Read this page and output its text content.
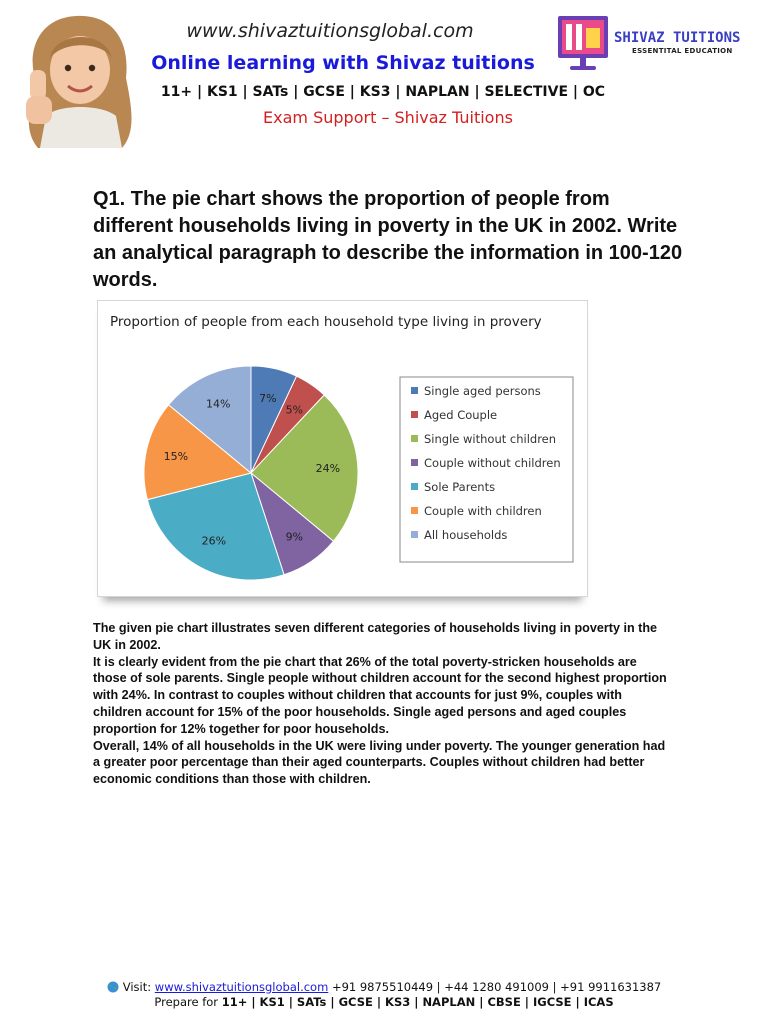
www.shivaztuitionsglobal.com
Online learning with Shivaz tuitions
11+ | KS1 | SATs | GCSE | KS3 | NAPLAN | SELECTIVE | OC
Exam Support – Shivaz Tuitions
SHIVAZ TUITIONS
ESSENTITAL EDUCATION
Q1. The pie chart shows the proportion of people from different households living in poverty in the UK in 2002. Write an analytical paragraph to describe the information in 100-120 words.
Proportion of people from each household type living in provery
7%
5%
24%
9%
26%
15%
14%
Single aged persons
Aged Couple
Single without children
Couple without children
Sole Parents
Couple with children
All households

The given pie chart illustrates seven different categories of households living in poverty in the UK in 2002.

It is clearly evident from the pie chart that 26% of the total poverty-stricken households are those of sole parents. Single people without children account for the second highest proportion with 24%. In contrast to couples without children that accounts for just 9%, couples with children account for 15% of the poor households. Single aged persons and aged couples proportion for 12% together for poor households.

Overall, 14% of all households in the UK were living under poverty. The younger generation had a greater poor percentage than their aged counterparts. Couples without children had better economic conditions than those with children.

Visit: www.shivaztuitionsglobal.com +91 9875510449 | +44 1280 491009 | +91 9911631387
Prepare for 11+ | KS1 | SATs | GCSE | KS3 | NAPLAN | CBSE | IGCSE | ICAS
